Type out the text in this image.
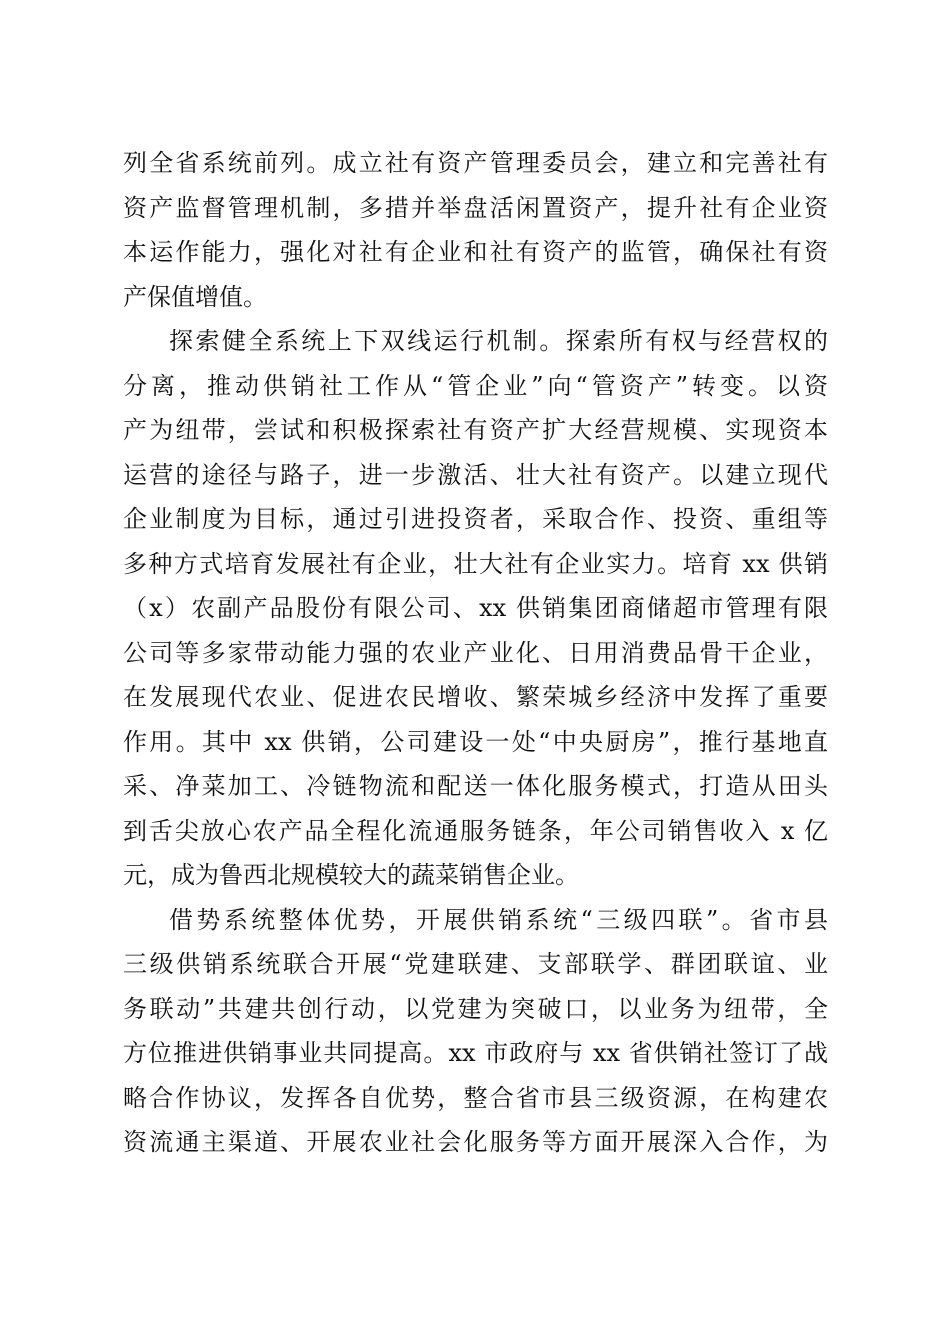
列全省系统前列。成立社有资产管理委员会，建立和完善社有
资产监督管理机制，多措并举盘活闲置资产，提升社有企业资
本运作能力，强化对社有企业和社有资产的监管，确保社有资
产保值增值。
探索健全系统上下双线运行机制。探索所有权与经营权的
分离，推动供销社工作从“管企业”向“管资产”转变。以资
产为纽带，尝试和积极探索社有资产扩大经营规模、实现资本
运营的途径与路子，进一步激活、壮大社有资产。以建立现代
企业制度为目标，通过引进投资者，采取合作、投资、重组等
多种方式培育发展社有企业，壮大社有企业实力。培育 xx 供销
（x）农副产品股份有限公司、xx 供销集团商储超市管理有限
公司等多家带动能力强的农业产业化、日用消费品骨干企业，
在发展现代农业、促进农民增收、繁荣城乡经济中发挥了重要
作用。其中 xx 供销，公司建设一处“中央厨房”，推行基地直
采、净菜加工、冷链物流和配送一体化服务模式，打造从田头
到舌尖放心农产品全程化流通服务链条，年公司销售收入 x 亿
元，成为鲁西北规模较大的蔬菜销售企业。
借势系统整体优势，开展供销系统“三级四联”。省市县
三级供销系统联合开展“党建联建、支部联学、群团联谊、业
务联动”共建共创行动，以党建为突破口，以业务为纽带，全
方位推进供销事业共同提高。xx 市政府与 xx 省供销社签订了战
略合作协议，发挥各自优势，整合省市县三级资源，在构建农
资流通主渠道、开展农业社会化服务等方面开展深入合作，为
